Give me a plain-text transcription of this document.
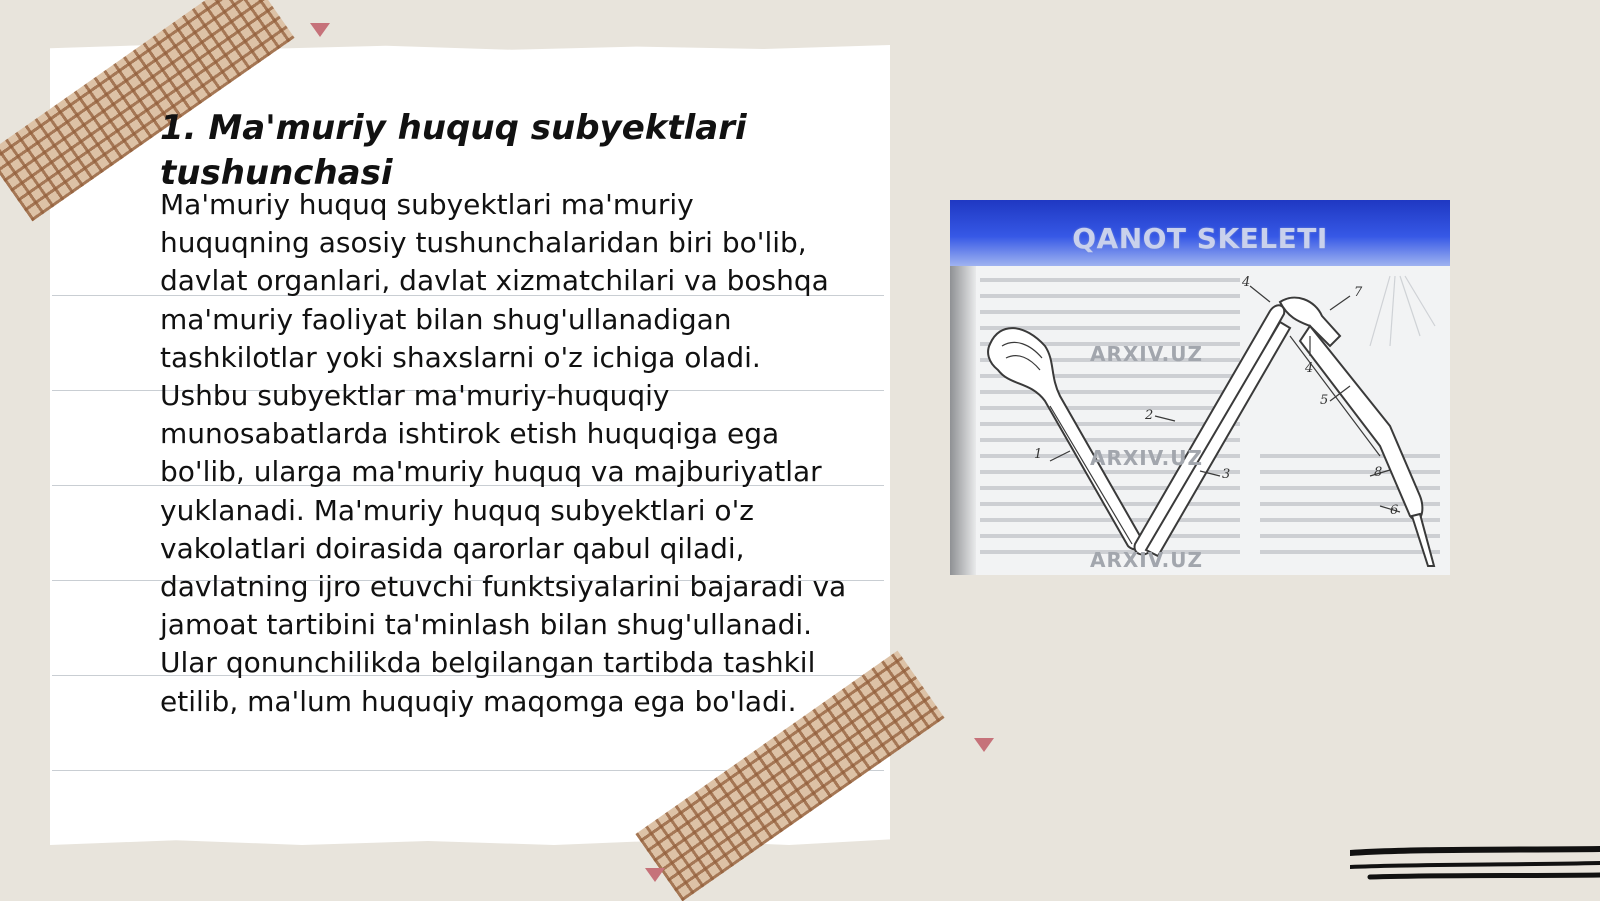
1. Ma'muriy huquq subyektlari tushunchasi

Ma'muriy huquq subyektlari ma'muriy huquqning asosiy tushunchalaridan biri bo'lib, davlat organlari, davlat xizmatchilari va boshqa ma'muriy faoliyat bilan shug'ullanadigan tashkilotlar yoki shaxslarni o'z ichiga oladi. Ushbu subyektlar ma'muriy-huquqiy munosabatlarda ishtirok etish huquqiga ega bo'lib, ularga ma'muriy huquq va majburiyatlar yuklanadi. Ma'muriy huquq subyektlari o'z vakolatlari doirasida qarorlar qabul qiladi, davlatning ijro etuvchi funktsiyalarini bajaradi va jamoat tartibini ta'minlash bilan shug'ullanadi. Ular qonunchilikda belgilangan tartibda tashkil etilib, ma'lum huquqiy maqomga ega bo'ladi.

QANOT SKELETI
4
7
1
4
5
2
3
6
8
ARXIV.UZ
ARXIV.UZ
ARXIV.UZ
